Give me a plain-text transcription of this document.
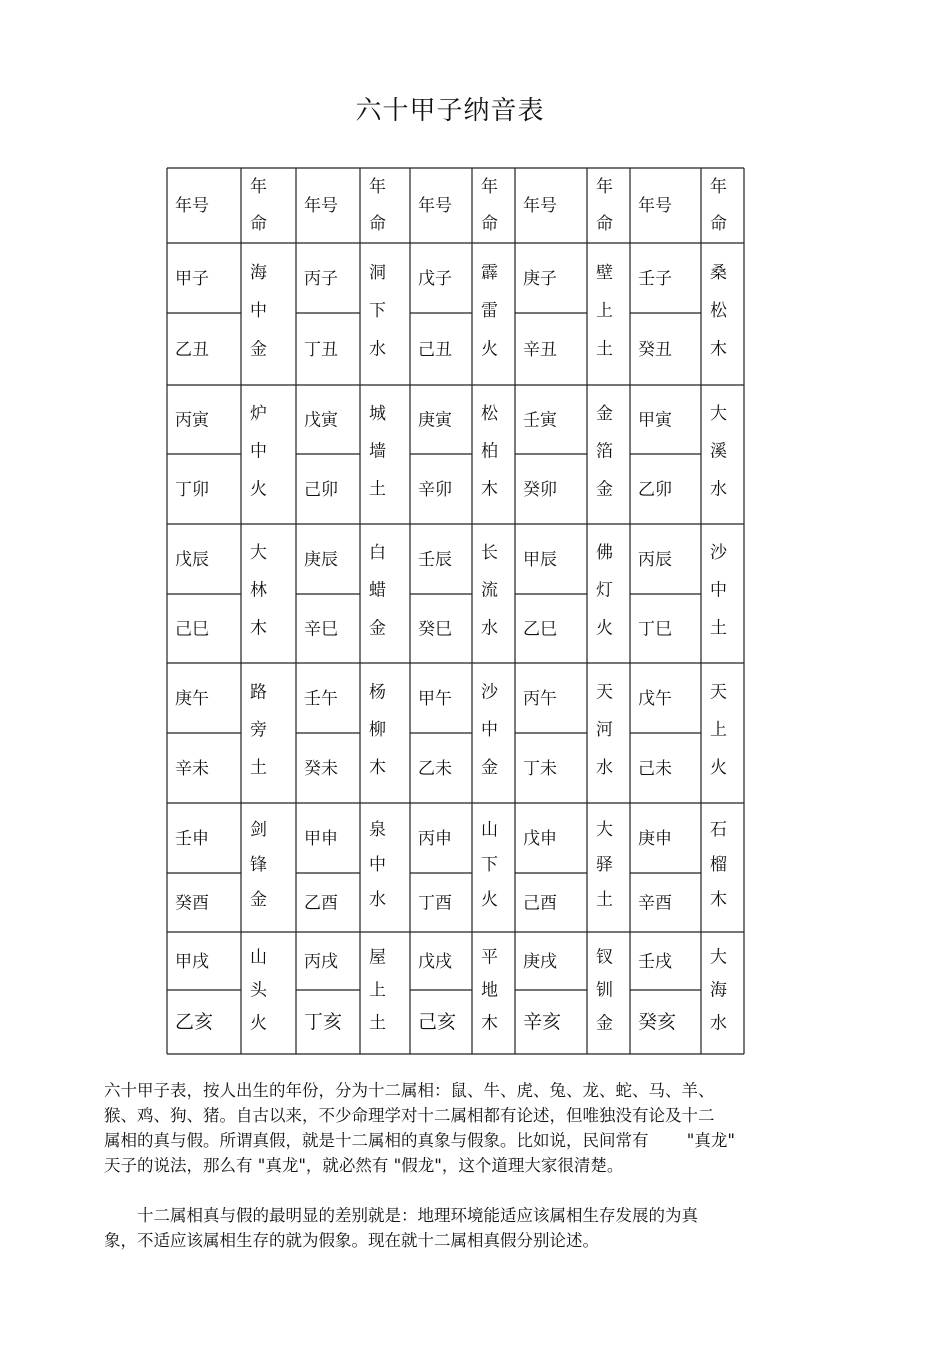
六十甲子纳音表
年号
年
命
年号
年
命
年号
年
命
年号
年
命
年号
年
命
甲子
乙丑
海
中
金
丙子
丁丑
洞
下
水
戊子
己丑
霹
雷
火
庚子
辛丑
壁
上
土
壬子
癸丑
桑
松
木
丙寅
丁卯
炉
中
火
戊寅
己卯
城
墙
土
庚寅
辛卯
松
柏
木
壬寅
癸卯
金
箔
金
甲寅
乙卯
大
溪
水
戊辰
己巳
大
林
木
庚辰
辛巳
白
蜡
金
壬辰
癸巳
长
流
水
甲辰
乙巳
佛
灯
火
丙辰
丁巳
沙
中
土
庚午
辛未
路
旁
土
壬午
癸未
杨
柳
木
甲午
乙未
沙
中
金
丙午
丁未
天
河
水
戊午
己未
天
上
火
壬申
癸酉
剑
锋
金
甲申
乙酉
泉
中
水
丙申
丁酉
山
下
火
戊申
己酉
大
驿
土
庚申
辛酉
石
榴
木
甲戌
乙亥
山
头
火
丙戌
丁亥
屋
上
土
戊戌
己亥
平
地
木
庚戌
辛亥
钗
钏
金
壬戌
癸亥
大
海
水
六十甲子表，按人出生的年份，分为十二属相：鼠、牛、虎、兔、龙、蛇、马、羊、
猴、鸡、狗、猪。自古以来，不少命理学对十二属相都有论述，但唯独没有论及十二
属相的真与假。所谓真假，就是十二属相的真象与假象。比如说，民间常有　　 "真龙"
天子的说法，那么有 "真龙"，就必然有 "假龙"，这个道理大家很清楚。
　　十二属相真与假的最明显的差别就是：地理环境能适应该属相生存发展的为真
象，不适应该属相生存的就为假象。现在就十二属相真假分别论述。
